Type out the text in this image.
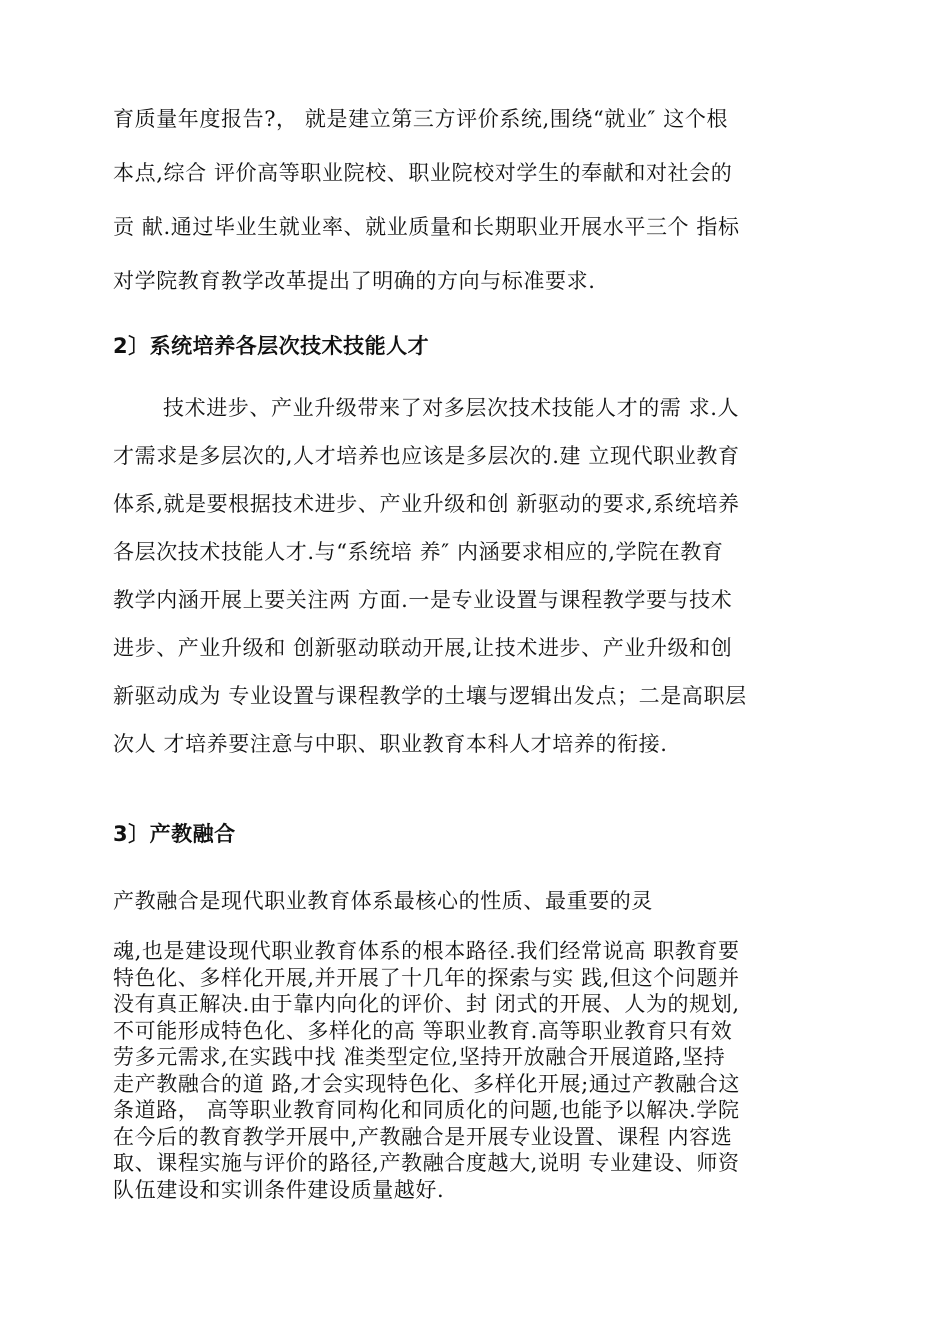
育质量年度报告?， 就是建立第三方评价系统,围绕“就业″ 这个根
本点,综合 评价高等职业院校、职业院校对学生的奉献和对社会的
贡 献.通过毕业生就业率、就业质量和长期职业开展水平三个 指标
对学院教育教学改革提出了明确的方向与标准要求.
2〕系统培养各层次技术技能人才
技术进步、产业升级带来了对多层次技术技能人才的需 求.人
才需求是多层次的,人才培养也应该是多层次的.建 立现代职业教育
体系,就是要根据技术进步、产业升级和创 新驱动的要求,系统培养
各层次技术技能人才.与“系统培 养″ 内涵要求相应的,学院在教育
教学内涵开展上要关注两 方面.一是专业设置与课程教学要与技术
进步、产业升级和 创新驱动联动开展,让技术进步、产业升级和创
新驱动成为 专业设置与课程教学的土壤与逻辑出发点；二是高职层
次人 才培养要注意与中职、职业教育本科人才培养的衔接.
3〕产教融合
产教融合是现代职业教育体系最核心的性质、最重要的灵
魂,也是建设现代职业教育体系的根本路径.我们经常说高 职教育要
特色化、多样化开展,并开展了十几年的探索与实 践,但这个问题并
没有真正解决.由于靠内向化的评价、封 闭式的开展、人为的规划,
不可能形成特色化、多样化的高 等职业教育.高等职业教育只有效
劳多元需求,在实践中找 准类型定位,坚持开放融合开展道路,坚持
走产教融合的道 路,才会实现特色化、多样化开展;通过产教融合这
条道路， 高等职业教育同构化和同质化的问题,也能予以解决.学院
在今后的教育教学开展中,产教融合是开展专业设置、课程 内容选
取、课程实施与评价的路径,产教融合度越大,说明 专业建设、师资
队伍建设和实训条件建设质量越好.
